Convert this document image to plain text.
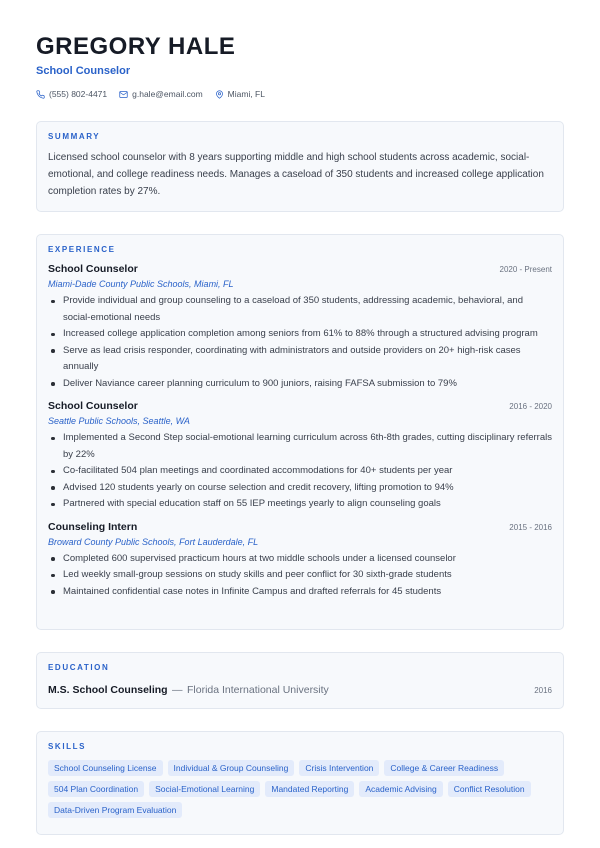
GREGORY HALE
School Counselor
(555) 802-4471	g.hale@email.com	Miami, FL
SUMMARY
Licensed school counselor with 8 years supporting middle and high school students across academic, social-emotional, and college readiness needs. Manages a caseload of 350 students and increased college application completion rates by 27%.
EXPERIENCE
School Counselor	2020 - Present
Miami-Dade County Public Schools, Miami, FL
Provide individual and group counseling to a caseload of 350 students, addressing academic, behavioral, and social-emotional needs
Increased college application completion among seniors from 61% to 88% through a structured advising program
Serve as lead crisis responder, coordinating with administrators and outside providers on 20+ high-risk cases annually
Deliver Naviance career planning curriculum to 900 juniors, raising FAFSA submission to 79%
School Counselor	2016 - 2020
Seattle Public Schools, Seattle, WA
Implemented a Second Step social-emotional learning curriculum across 6th-8th grades, cutting disciplinary referrals by 22%
Co-facilitated 504 plan meetings and coordinated accommodations for 40+ students per year
Advised 120 students yearly on course selection and credit recovery, lifting promotion to 94%
Partnered with special education staff on 55 IEP meetings yearly to align counseling goals
Counseling Intern	2015 - 2016
Broward County Public Schools, Fort Lauderdale, FL
Completed 600 supervised practicum hours at two middle schools under a licensed counselor
Led weekly small-group sessions on study skills and peer conflict for 30 sixth-grade students
Maintained confidential case notes in Infinite Campus and drafted referrals for 45 students
EDUCATION
M.S. School Counseling — Florida International University	2016
SKILLS
School Counseling License	Individual & Group Counseling	Crisis Intervention	College & Career Readiness
504 Plan Coordination	Social-Emotional Learning	Mandated Reporting	Academic Advising	Conflict Resolution
Data-Driven Program Evaluation
